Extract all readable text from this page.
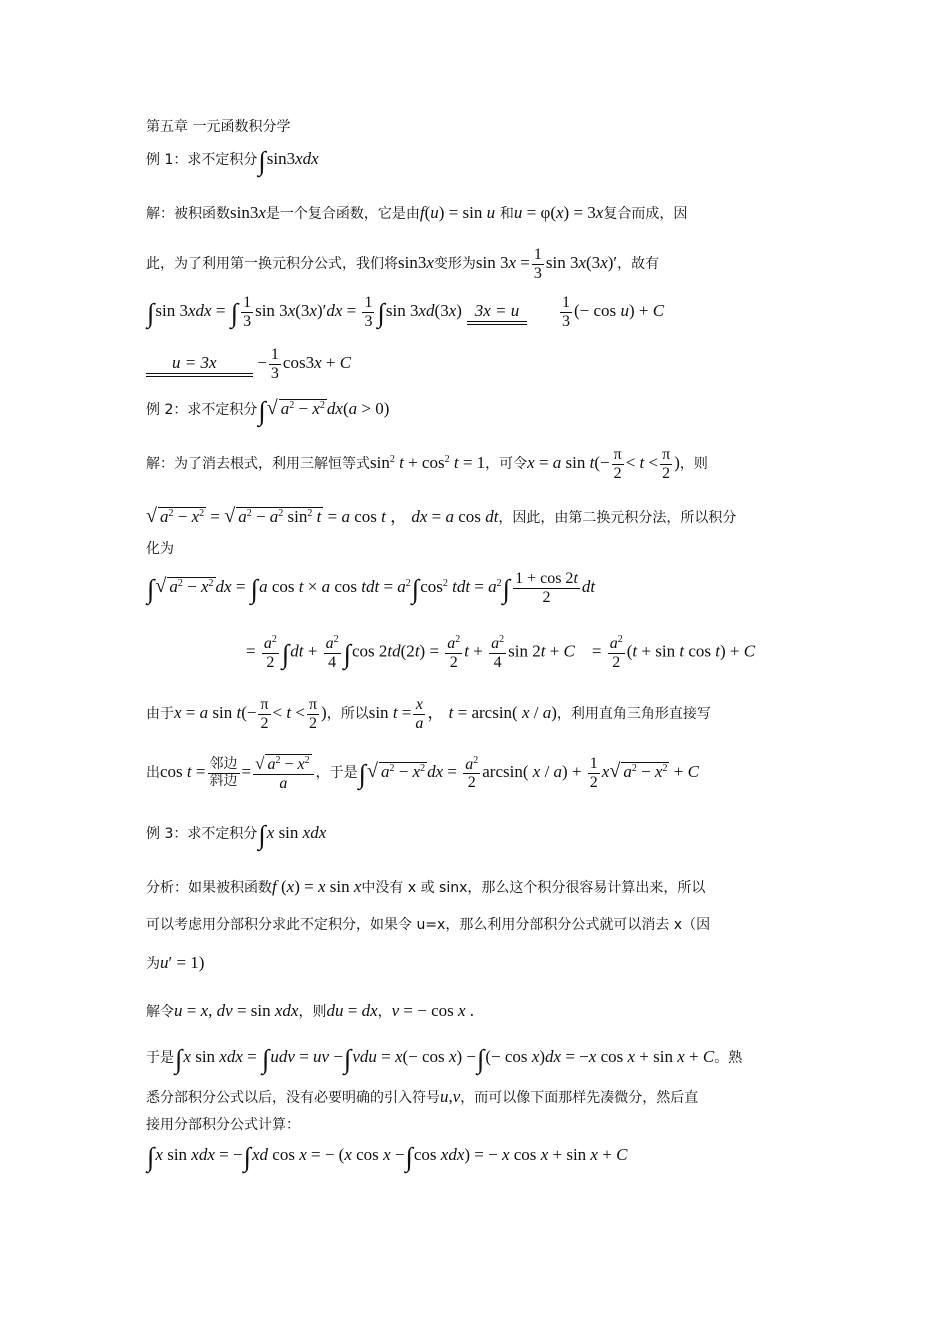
第五章 一元函数积分学
例 1：求不定积分∫sin3xdx
解：被积函数sin3x是一个复合函数，它是由f(u) = sin u 和u = φ(x) = 3x复合而成，因
此，为了利用第一换元积分公式，我们将sin3x变形为$\sin 3x = \frac{1}{3}$ sin 3x(3x)′，故有
∫sin 3xdx = ∫ $\frac{1}{3}$ $\sin 3x(3x)'dx = \frac{1}{3} \int\sin$ 3xd(3x) 3x = u	$\frac{1}{3}$ (− cos u) + C
$u = 3x - \frac{1}{3} \cos 3x + C$
例 2：求不定积分∫√ $a^2 - x^2$ dx(a > 0)
解：为了消去根式，利用三解恒等式$\sin^2 t + \cos^2 t = 1$，可令x = a $\sin t(- \frac{\pi}{2} < t < \frac{\pi}{2}$ )，则
√ $a^2 - x^2$ = √ $a^2 - a^2$ $\sin^2 t = a$ cos t ， dx = a cos dt，因此，由第二换元积分法，所以积分
化为
∫√ $a^2 - x^2$ dx = ∫a cos t × a cos tdt = $a^2\int\cos^2$ tdt = $a^2\int \frac{1 + \cos 2t}{2}$ dt
= $\frac{a^2}{2} \int dt + \frac{a^2}{4} \int\cos$ $2td(2t) = \frac{a^2}{2}$ $t + \frac{a^2}{4}$ sin 2t + C    = $\frac{a^2}{2} (t + \sin t$ cos t) + C
由于x = a $\sin t(- \frac{\pi}{2} < t < \frac{\pi}{2}$ )，所以$\sin t = \frac{x}{a}$ ， t = arcsin( x / a)，利用直角三角形直接写
出$\cos t = \frac{\text{邻边}}{\text{斜边}} = \frac{√ a^2 - x^2}{a}$ ，于是∫√ $a^2 - x^2$ dx = $\frac{a^2}{2} \arcsin$( $x / a) + \frac{1}{2} x√$ $a^2 - x^2 + C$
例 3：求不定积分∫x sin xdx
分析：如果被积函数f (x) = x sin x中没有 x 或 sinx，那么这个积分很容易计算出来，所以
可以考虑用分部积分求此不定积分，如果令 u=x，那么利用分部积分公式就可以消去 x（因
为u′ = 1)
解令u = x, dv = sin xdx，则du = dx，v = − cos x .
于是∫x sin xdx = ∫udv = uv −∫vdu = x(− cos x) −∫(− cos x)dx = −x cos x + sin x + C。熟
悉分部积分公式以后，没有必要明确的引入符号u,v，而可以像下面那样先凑微分，然后直
接用分部积分公式计算：
∫x sin xdx = −∫xd cos x = − (x cos x −∫cos xdx) = − x cos x + sin x + C
